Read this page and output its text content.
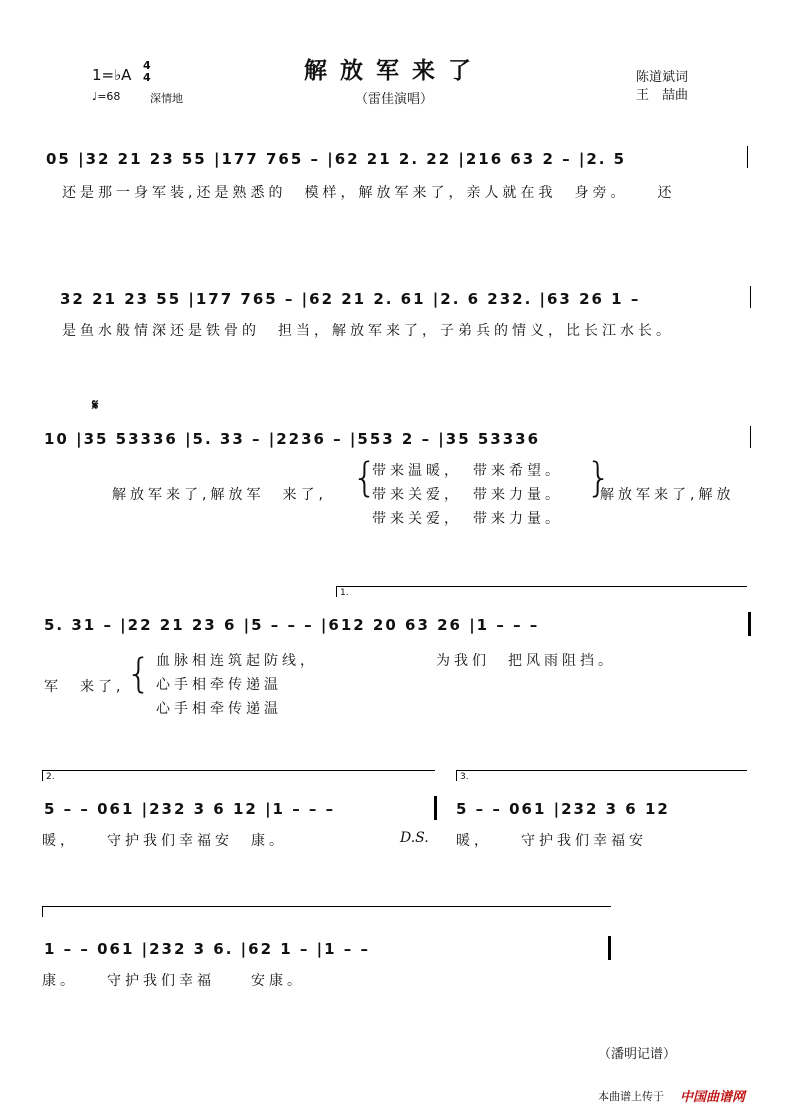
解放军来了
（雷佳演唱）
1=♭A
4
4
♩=68	深情地
陈道斌词
王　喆曲
05 |32 21 23 55 |177 765 – |62 21 2. 22 |216 63 2 – |2. 5
还是那一身军装,还是熟悉的　模样，解放军来了，亲人就在我　身旁。　　还
32 21 23 55 |177 765 – |62 21 2. 61 |2. 6 232. |63 26 1 –
是鱼水般情深还是铁骨的　担当，解放军来了，子弟兵的情义，比长江水长。
𝄋
10 |35 53336 |5. 33 – |2236 – |553 2 – |35 53336
解放军来了,解放军　来了, {
带来温暖，　带来希望。
带来关爱，　带来力量。
带来关爱，　带来力量。
}
解放军来了,解放
1.
5. 31 – |22 21 23 6 |5 – – – |612 20 63 26 |1 – – –
军　来了, { 血脉相连筑起防线，
心手相牵传递温
心手相牵传递温
为我们　把风雨阻挡。
2.	3.
5 – – 061 |232 3 6 12 |1 – – –	5 – – 061 |232 3 6 12
暖，　　守护我们幸福安　康。	D.S. 暖，　　守护我们幸福安
1 – – 061 |232 3 6. |62 1 – |1 – –
康。　　守护我们幸福　　安康。
（潘明记谱）
本曲谱上传于 中国曲谱网
